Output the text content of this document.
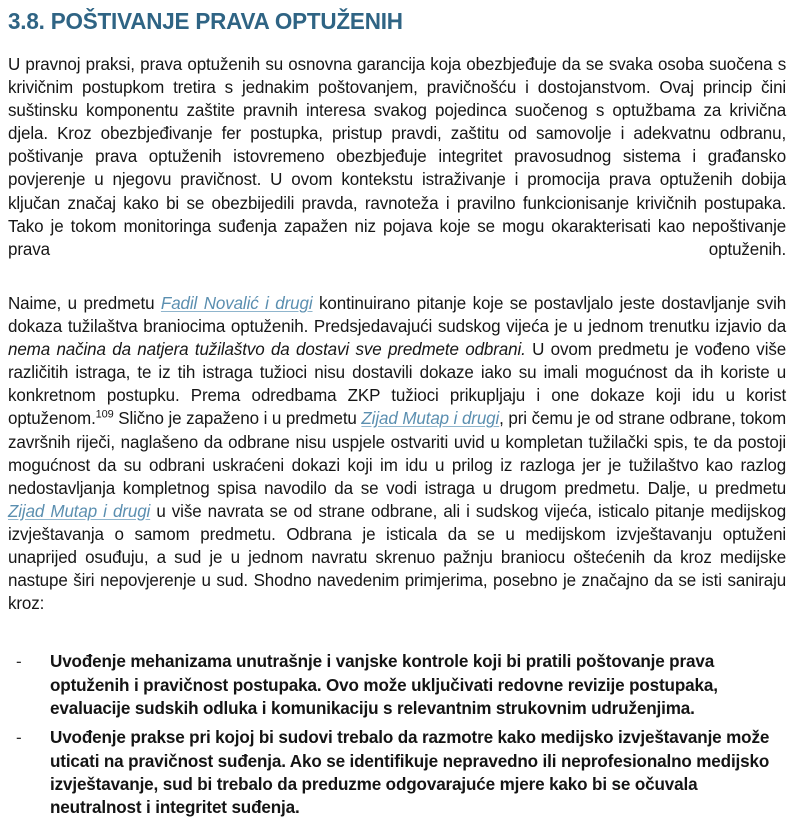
3.8. POŠTIVANJE PRAVA OPTUŽENIH

U pravnoj praksi, prava optuženih su osnovna garancija koja obezbjeđuje da se svaka osoba suočena s krivičnim postupkom tretira s jednakim poštovanjem, pravičnošću i dostojanstvom. Ovaj princip čini suštinsku komponentu zaštite pravnih interesa svakog pojedinca suočenog s optužbama za krivična djela. Kroz obezbjeđivanje fer postupka, pristup pravdi, zaštitu od samovolje i adekvatnu odbranu, poštivanje prava optuženih istovremeno obezbjeđuje integritet pravosudnog sistema i građansko povjerenje u njegovu pravičnost. U ovom kontekstu istraživanje i promocija prava optuženih dobija ključan značaj kako bi se obezbijedili pravda, ravnoteža i pravilno funkcionisanje krivičnih postupaka. Tako je tokom monitoringa suđenja zapažen niz pojava koje se mogu okarakterisati kao nepoštivanje prava optuženih.

Naime, u predmetu Fadil Novalić i drugi kontinuirano pitanje koje se postavljalo jeste dostavljanje svih dokaza tužilaštva braniocima optuženih. Predsjedavajući sudskog vijeća je u jednom trenutku izjavio da nema načina da natjera tužilaštvo da dostavi sve predmete odbrani. U ovom predmetu je vođeno više različitih istraga, te iz tih istraga tužioci nisu dostavili dokaze iako su imali mogućnost da ih koriste u konkretnom postupku. Prema odredbama ZKP tužioci prikupljaju i one dokaze koji idu u korist optuženom.$^{109}$ Slično je zapaženo i u predmetu Zijad Mutap i drugi, pri čemu je od strane odbrane, tokom završnih riječi, naglašeno da odbrane nisu uspjele ostvariti uvid u kompletan tužilački spis, te da postoji mogućnost da su odbrani uskraćeni dokazi koji im idu u prilog iz razloga jer je tužilaštvo kao razlog nedostavljanja kompletnog spisa navodilo da se vodi istraga u drugom predmetu. Dalje, u predmetu Zijad Mutap i drugi u više navrata se od strane odbrane, ali i sudskog vijeća, isticalo pitanje medijskog izvještavanja o samom predmetu. Odbrana je isticala da se u medijskom izvještavanju optuženi unaprijed osuđuju, a sud je u jednom navratu skrenuo pažnju braniocu oštećenih da kroz medijske nastupe širi nepovjerenje u sud. Shodno navedenim primjerima, posebno je značajno da se isti saniraju kroz:

- Uvođenje mehanizama unutrašnje i vanjske kontrole koji bi pratili poštovanje prava optuženih i pravičnost postupaka. Ovo može uključivati redovne revizije postupaka, evaluacije sudskih odluka i komunikaciju s relevantnim strukovnim udruženjima.
- Uvođenje prakse pri kojoj bi sudovi trebalo da razmotre kako medijsko izvještavanje može uticati na pravičnost suđenja. Ako se identifikuje nepravedno ili neprofesionalno medijsko izvještavanje, sud bi trebalo da preduzme odgovarajuće mjere kako bi se očuvala neutralnost i integritet suđenja.
